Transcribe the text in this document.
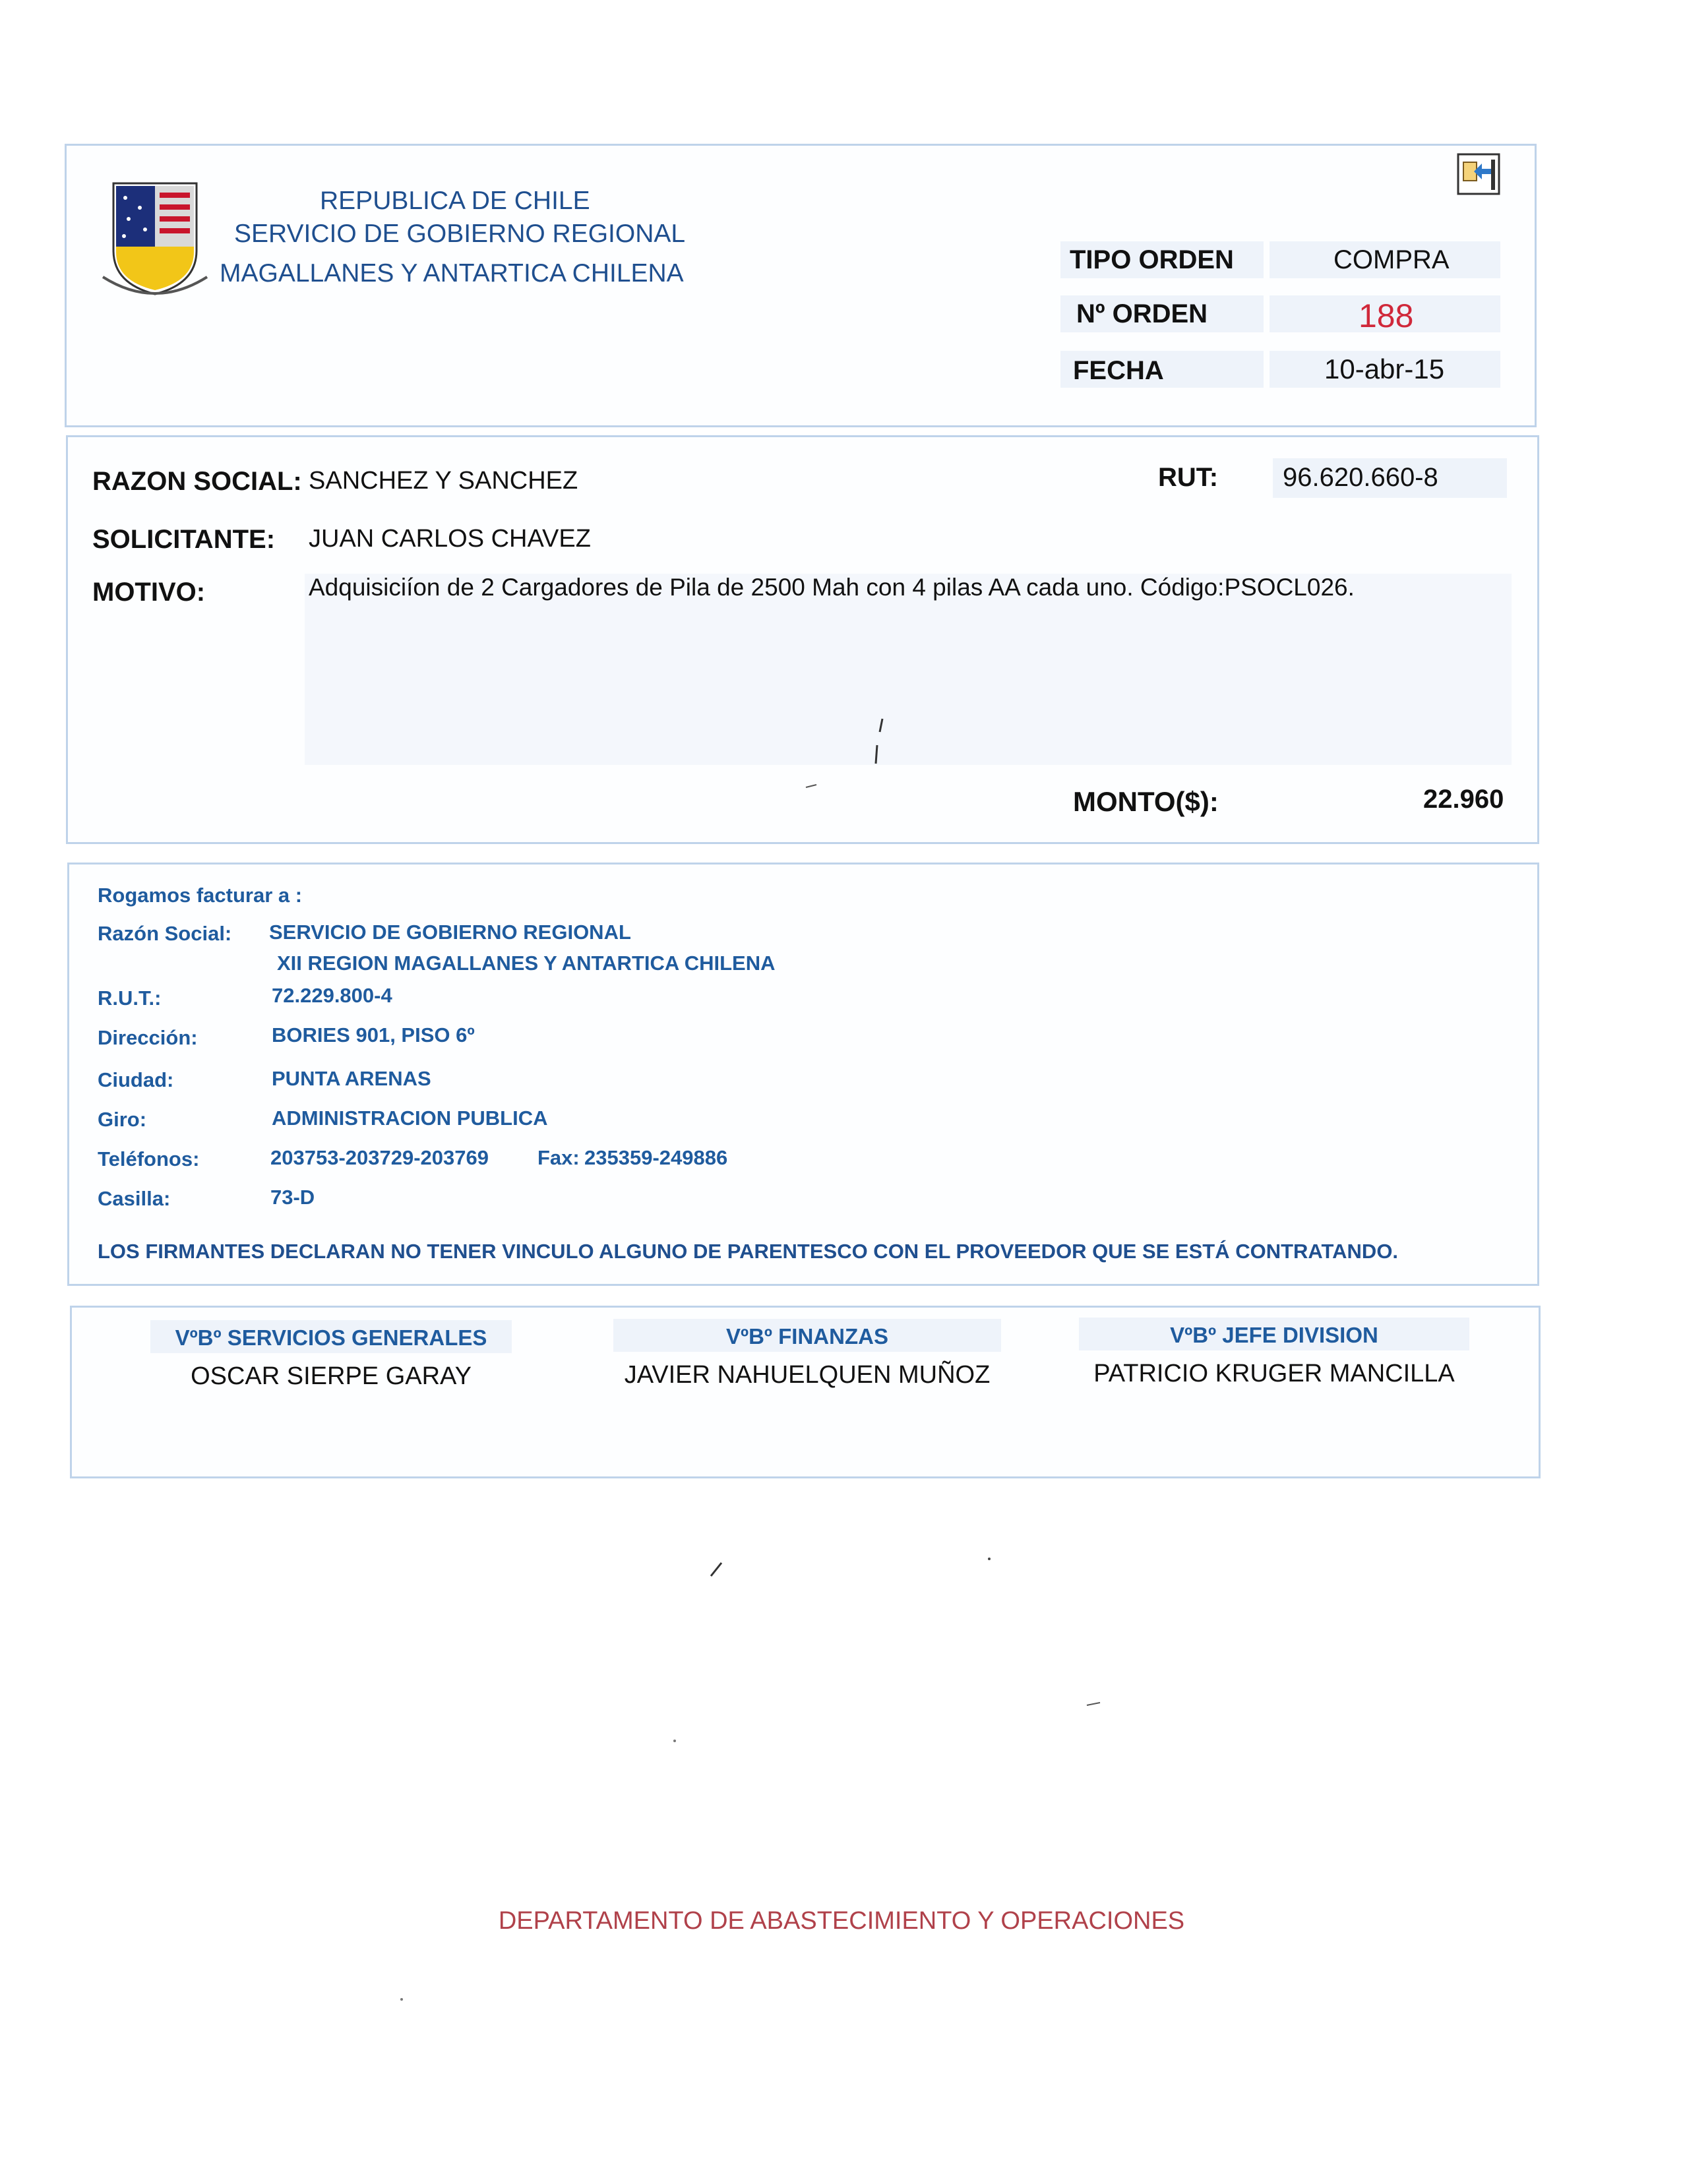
REPUBLICA DE CHILE
SERVICIO DE GOBIERNO REGIONAL
MAGALLANES Y ANTARTICA CHILENA	TIPO ORDEN	COMPRA
Nº ORDEN	188
FECHA	10-abr-15
RAZON SOCIAL: SANCHEZ Y SANCHEZ	RUT: 96.620.660-8
SOLICITANTE: JUAN CARLOS CHAVEZ
MOTIVO:	Adquisiciíon de 2 Cargadores de Pila de 2500 Mah con 4 pilas AA cada uno. Código:PSOCL026.
MONTO($):	22.960
Rogamos facturar a :
Razón Social: SERVICIO DE GOBIERNO REGIONAL
XII REGION MAGALLANES Y ANTARTICA CHILENA
R.U.T.:	72.229.800-4
Dirección:	BORIES 901, PISO 6º
Ciudad:	PUNTA ARENAS
Giro:	ADMINISTRACION PUBLICA
Teléfonos:	203753-203729-203769 Fax: 235359-249886
Casilla:	73-D
LOS FIRMANTES DECLARAN NO TENER VINCULO ALGUNO DE PARENTESCO CON EL PROVEEDOR QUE SE ESTÁ CONTRATANDO.
VºBº SERVICIOS GENERALES
OSCAR SIERPE GARAY
VºBº FINANZAS
JAVIER NAHUELQUEN MUÑOZ
VºBº JEFE DIVISION
PATRICIO KRUGER MANCILLA
DEPARTAMENTO DE ABASTECIMIENTO Y OPERACIONES
